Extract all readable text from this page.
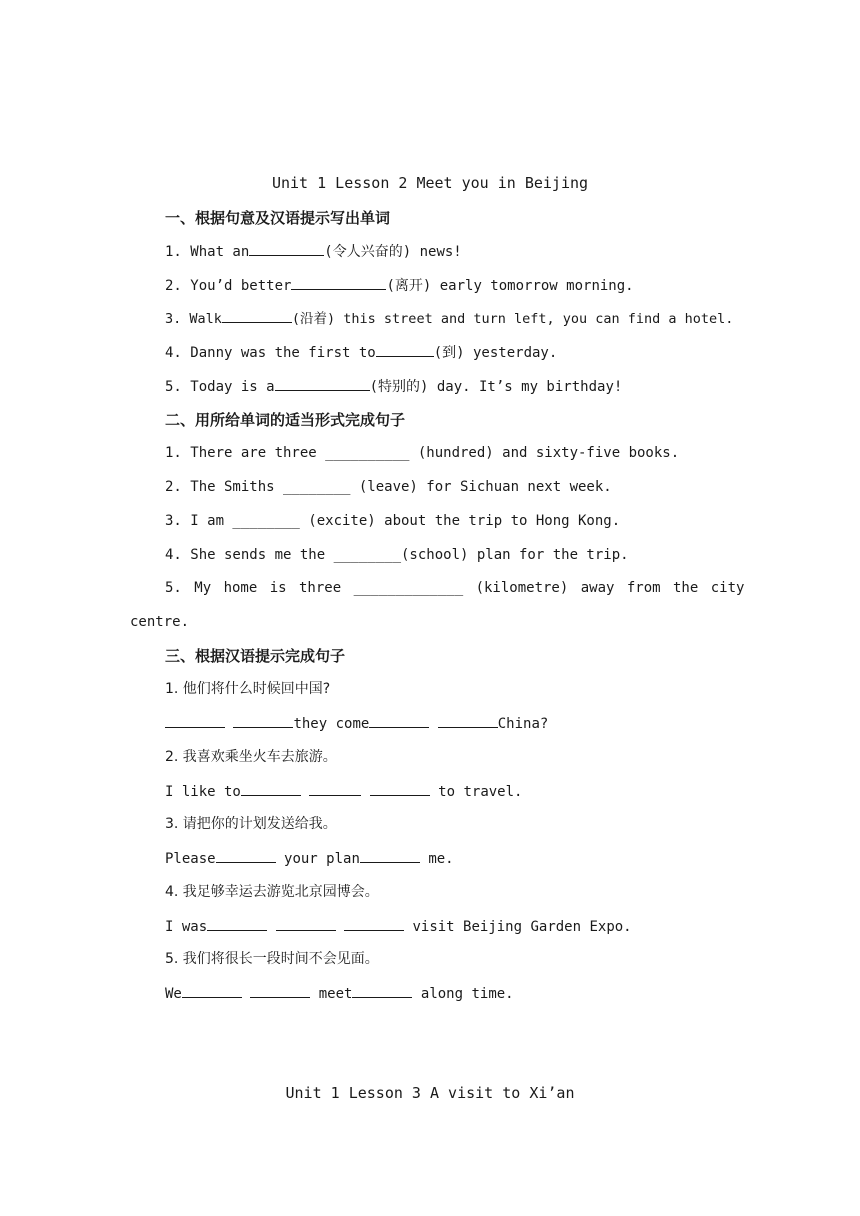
Unit 1 Lesson 2 Meet you in Beijing
一、根据句意及汉语提示写出单词
1. What an	(令人兴奋的) news!
2. You’d better	(离开) early tomorrow morning.
3. Walk	(沿着) this street and turn left, you can find a hotel.
4. Danny was the first to	(到) yesterday.
5. Today is a	(特别的) day. It’s my birthday!
二、用所给单词的适当形式完成句子
1. There are three __________ (hundred) and sixty-five books.
2. The Smiths ________ (leave) for Sichuan next week.
3. I am ________ (excite) about the trip to Hong Kong.
4. She sends me the ________(school) plan for the trip.
5. My home is three _____________ (kilometre) away from the city
centre.
三、根据汉语提示完成句子
1. 他们将什么时候回中国?
they come	China?
2. 我喜欢乘坐火车去旅游。
I like to	to travel.
3. 请把你的计划发送给我。
Please	your plan	me.
4. 我足够幸运去游览北京园博会。
I was	visit Beijing Garden Expo.
5. 我们将很长一段时间不会见面。
We	meet	along time.
Unit 1 Lesson 3 A visit to Xi’an
